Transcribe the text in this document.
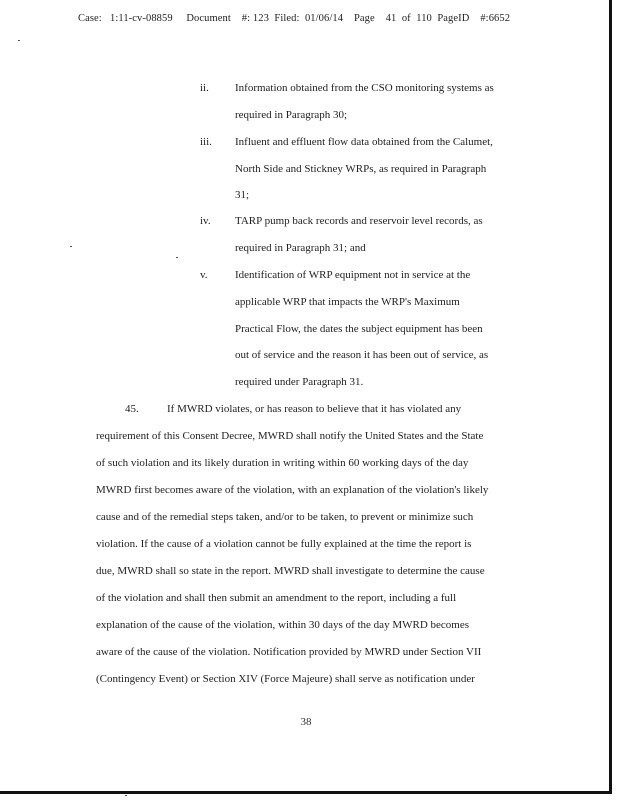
Case:   1:11-cv-08859     Document    #: 123  Filed:  01/06/14    Page    41  of  110  PageID    #:6652
ii. Information obtained from the CSO monitoring systems as
required in Paragraph 30;
iii. Influent and effluent flow data obtained from the Calumet,
North Side and Stickney WRPs, as required in Paragraph
31;
iv. TARP pump back records and reservoir level records, as
required in Paragraph 31; and
v. Identification of WRP equipment not in service at the
applicable WRP that impacts the WRP's Maximum
Practical Flow, the dates the subject equipment has been
out of service and the reason it has been out of service, as
required under Paragraph 31.
45.	If MWRD violates, or has reason to believe that it has violated any
requirement of this Consent Decree, MWRD shall notify the United States and the State
of such violation and its likely duration in writing within 60 working days of the day
MWRD first becomes aware of the violation, with an explanation of the violation's likely
cause and of the remedial steps taken, and/or to be taken, to prevent or minimize such
violation. If the cause of a violation cannot be fully explained at the time the report is
due, MWRD shall so state in the report. MWRD shall investigate to determine the cause
of the violation and shall then submit an amendment to the report, including a full
explanation of the cause of the violation, within 30 days of the day MWRD becomes
aware of the cause of the violation. Notification provided by MWRD under Section VII
(Contingency Event) or Section XIV (Force Majeure) shall serve as notification under
38
